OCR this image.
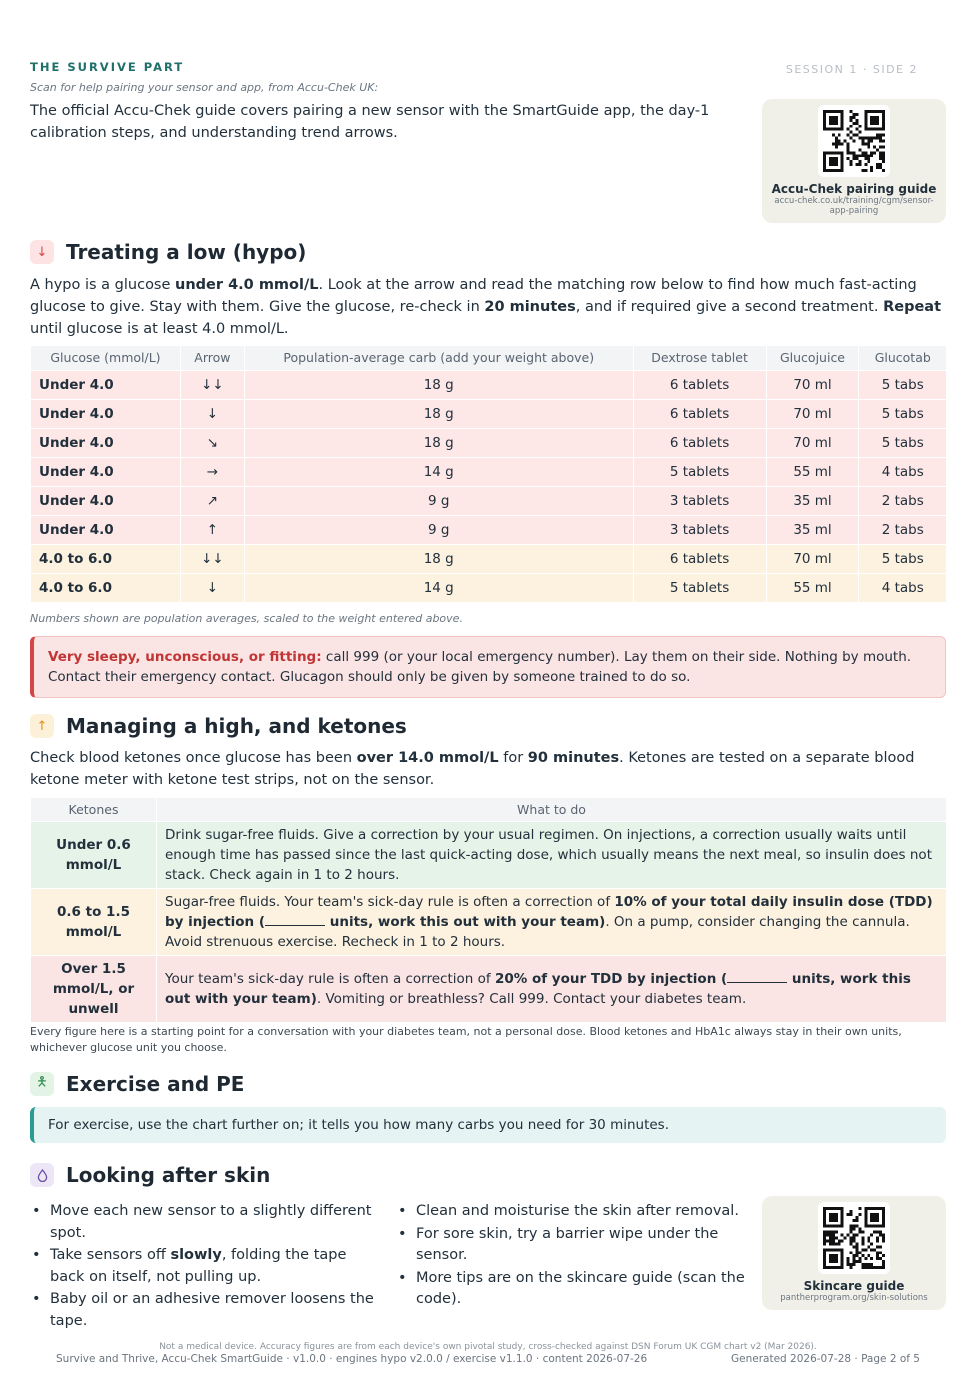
THE SURVIVE PART	SESSION 1 · SIDE 2
Scan for help pairing your sensor and app, from Accu-Chek UK:
The official Accu-Chek guide covers pairing a new sensor with the SmartGuide app, the day-1 calibration steps, and understanding trend arrows.
Accu-Chek pairing guide
accu-chek.co.uk/training/cgm/sensor-app-pairing
↓ Treating a low (hypo)
A hypo is a glucose under 4.0 mmol/L. Look at the arrow and read the matching row below to find how much fast-acting glucose to give. Stay with them. Give the glucose, re-check in 20 minutes, and if required give a second treatment. Repeat until glucose is at least 4.0 mmol/L.
Glucose (mmol/L)	Arrow	Population-average carb (add your weight above)	Dextrose tablet	Glucojuice	Glucotab
Under 4.0	↓↓	18 g	6 tablets	70 ml	5 tabs
Under 4.0	↓	18 g	6 tablets	70 ml	5 tabs
Under 4.0	↘	18 g	6 tablets	70 ml	5 tabs
Under 4.0	→	14 g	5 tablets	55 ml	4 tabs
Under 4.0	↗	9 g	3 tablets	35 ml	2 tabs
Under 4.0	↑	9 g	3 tablets	35 ml	2 tabs
4.0 to 6.0	↓↓	18 g	6 tablets	70 ml	5 tabs
4.0 to 6.0	↓	14 g	5 tablets	55 ml	4 tabs
Numbers shown are population averages, scaled to the weight entered above.
Very sleepy, unconscious, or fitting: call 999 (or your local emergency number). Lay them on their side. Nothing by mouth. Contact their emergency contact. Glucagon should only be given by someone trained to do so.
↑ Managing a high, and ketones
Check blood ketones once glucose has been over 14.0 mmol/L for 90 minutes. Ketones are tested on a separate blood ketone meter with ketone test strips, not on the sensor.
Ketones	What to do
Under 0.6 mmol/L	Drink sugar-free fluids. Give a correction by your usual regimen. On injections, a correction usually waits until enough time has passed since the last quick-acting dose, which usually means the next meal, so insulin does not stack. Check again in 1 to 2 hours.
0.6 to 1.5 mmol/L	Sugar-free fluids. Your team's sick-day rule is often a correction of 10% of your total daily insulin dose (TDD) by injection ( units, work this out with your team). On a pump, consider changing the cannula. Avoid strenuous exercise. Recheck in 1 to 2 hours.
Over 1.5 mmol/L, or unwell	Your team's sick-day rule is often a correction of 20% of your TDD by injection ( units, work this out with your team). Vomiting or breathless? Call 999. Contact your diabetes team.
Every figure here is a starting point for a conversation with your diabetes team, not a personal dose. Blood ketones and HbA1c always stay in their own units, whichever glucose unit you choose.
🯅 Exercise and PE
For exercise, use the chart further on; it tells you how many carbs you need for 30 minutes.
Looking after skin
• Move each new sensor to a slightly different spot.
• Take sensors off slowly, folding the tape back on itself, not pulling up.
• Baby oil or an adhesive remover loosens the tape.
• Clean and moisturise the skin after removal.
• For sore skin, try a barrier wipe under the sensor.
• More tips are on the skincare guide (scan the code).
Skincare guide
pantherprogram.org/skin-solutions
Not a medical device. Accuracy figures are from each device's own pivotal study, cross-checked against DSN Forum UK CGM chart v2 (Mar 2026).
Survive and Thrive, Accu-Chek SmartGuide · v1.0.0 · engines hypo v2.0.0 / exercise v1.1.0 · content 2026-07-26	Generated 2026-07-28 · Page 2 of 5
